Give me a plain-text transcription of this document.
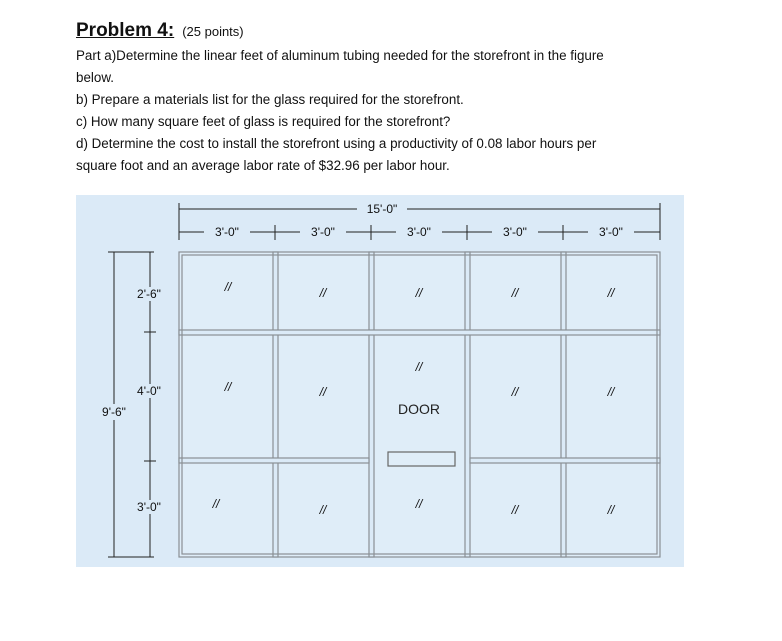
Problem 4: (25 points)
Part a)Determine the linear feet of aluminum tubing needed for the storefront in the figure
below.
b) Prepare a materials list for the glass required for the storefront.
c) How many square feet of glass is required for the storefront?
d) Determine the cost to install the storefront using a productivity of 0.08 labor hours per
square foot and an average labor rate of $32.96 per labor hour.
15'-0"
3'-0"	3'-0"	3'-0"	3'-0"	3'-0"
9'-6"
2'-6"
4'-0"
3'-0"
DOOR
//	//	//	//	//
//	//
//
//	//
//	//	//	//	//
